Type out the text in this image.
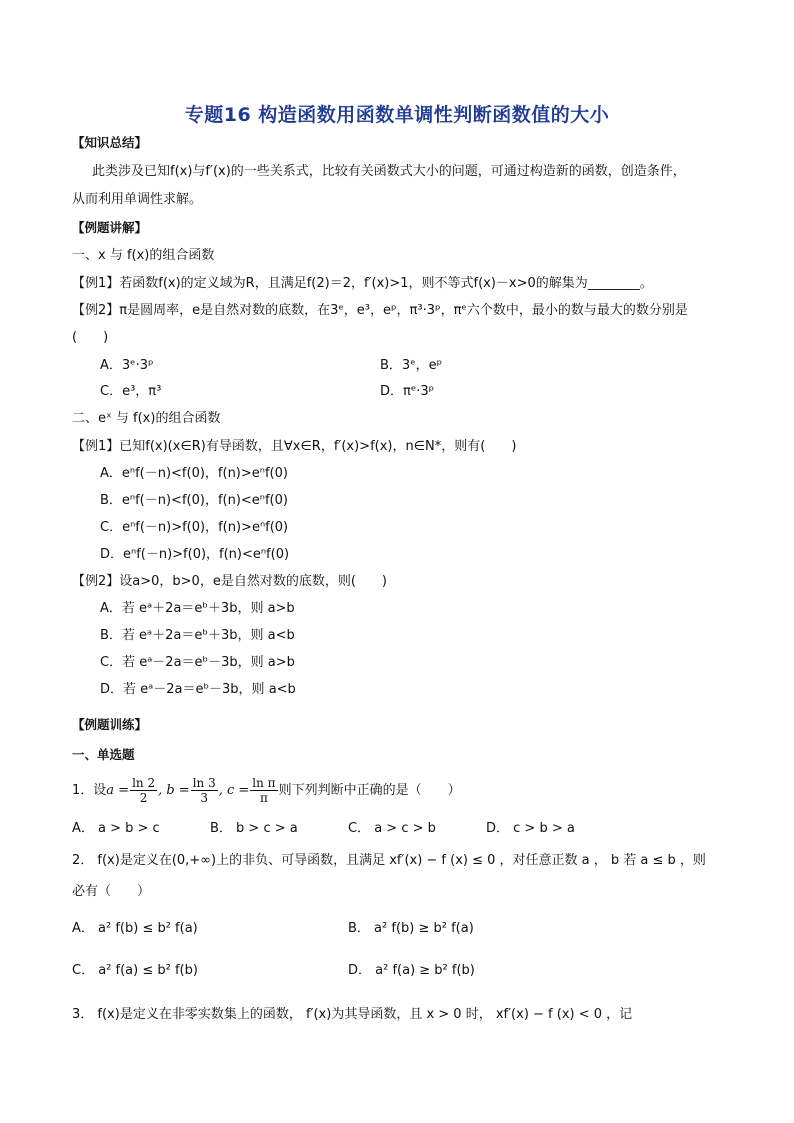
专题16 构造函数用函数单调性判断函数值的大小
【知识总结】
此类涉及已知f(x)与f′(x)的一些关系式，比较有关函数式大小的问题，可通过构造新的函数，创造条件，
从而利用单调性求解。
【例题讲解】
一、x 与 f(x)的组合函数
【例1】若函数f(x)的定义域为R，且满足f(2)＝2，f′(x)>1，则不等式f(x)－x>0的解集为________。
【例2】π是圆周率，e是自然对数的底数，在3ᵉ，e³，eᵖ，π³·3ᵖ，πᵉ六个数中，最小的数与最大的数分别是
(　　)
A．3ᵉ·3ᵖ	B．3ᵉ，eᵖ
C．e³，π³	D．πᵉ·3ᵖ
二、eˣ 与 f(x)的组合函数
【例1】已知f(x)(x∈R)有导函数，且∀x∈R，f′(x)>f(x)，n∈N*，则有(　　)
A．eⁿf(－n)<f(0)，f(n)>eⁿf(0)
B．eⁿf(－n)<f(0)，f(n)<eⁿf(0)
C．eⁿf(－n)>f(0)，f(n)>eⁿf(0)
D．eⁿf(－n)>f(0)，f(n)<eⁿf(0)
【例2】设a>0，b>0，e是自然对数的底数，则(　　)
A．若 eᵃ＋2a＝eᵇ＋3b，则 a>b
B．若 eᵃ＋2a＝eᵇ＋3b，则 a<b
C．若 eᵃ－2a＝eᵇ－3b，则 a>b
D．若 eᵃ－2a＝eᵇ－3b，则 a<b
【例题训练】
一、单选题
1．设$a = \frac{\ln 2}{2}$ , $b = \frac{\ln 3}{3}$ , $c = \frac{\text{ln π}}{\pi}$ 则下列判断中正确的是（　　）
A． a > b > c	B． b > c > a	C． a > c > b	D． c > b > a
2． f(x)是定义在(0,+∞)上的非负、可导函数，且满足 xf′(x) − f (x) ≤ 0 ，对任意正数 a ， b 若 a ≤ b ，则
必有（　　）
A． a² f(b) ≤ b² f(a)	B． a² f(b) ≥ b² f(a)
C． a² f(a) ≤ b² f(b)	D． a² f(a) ≥ b² f(b)
3． f(x)是定义在非零实数集上的函数， f′(x)为其导函数，且 x > 0 时， xf′(x) − f (x) < 0 ，记
